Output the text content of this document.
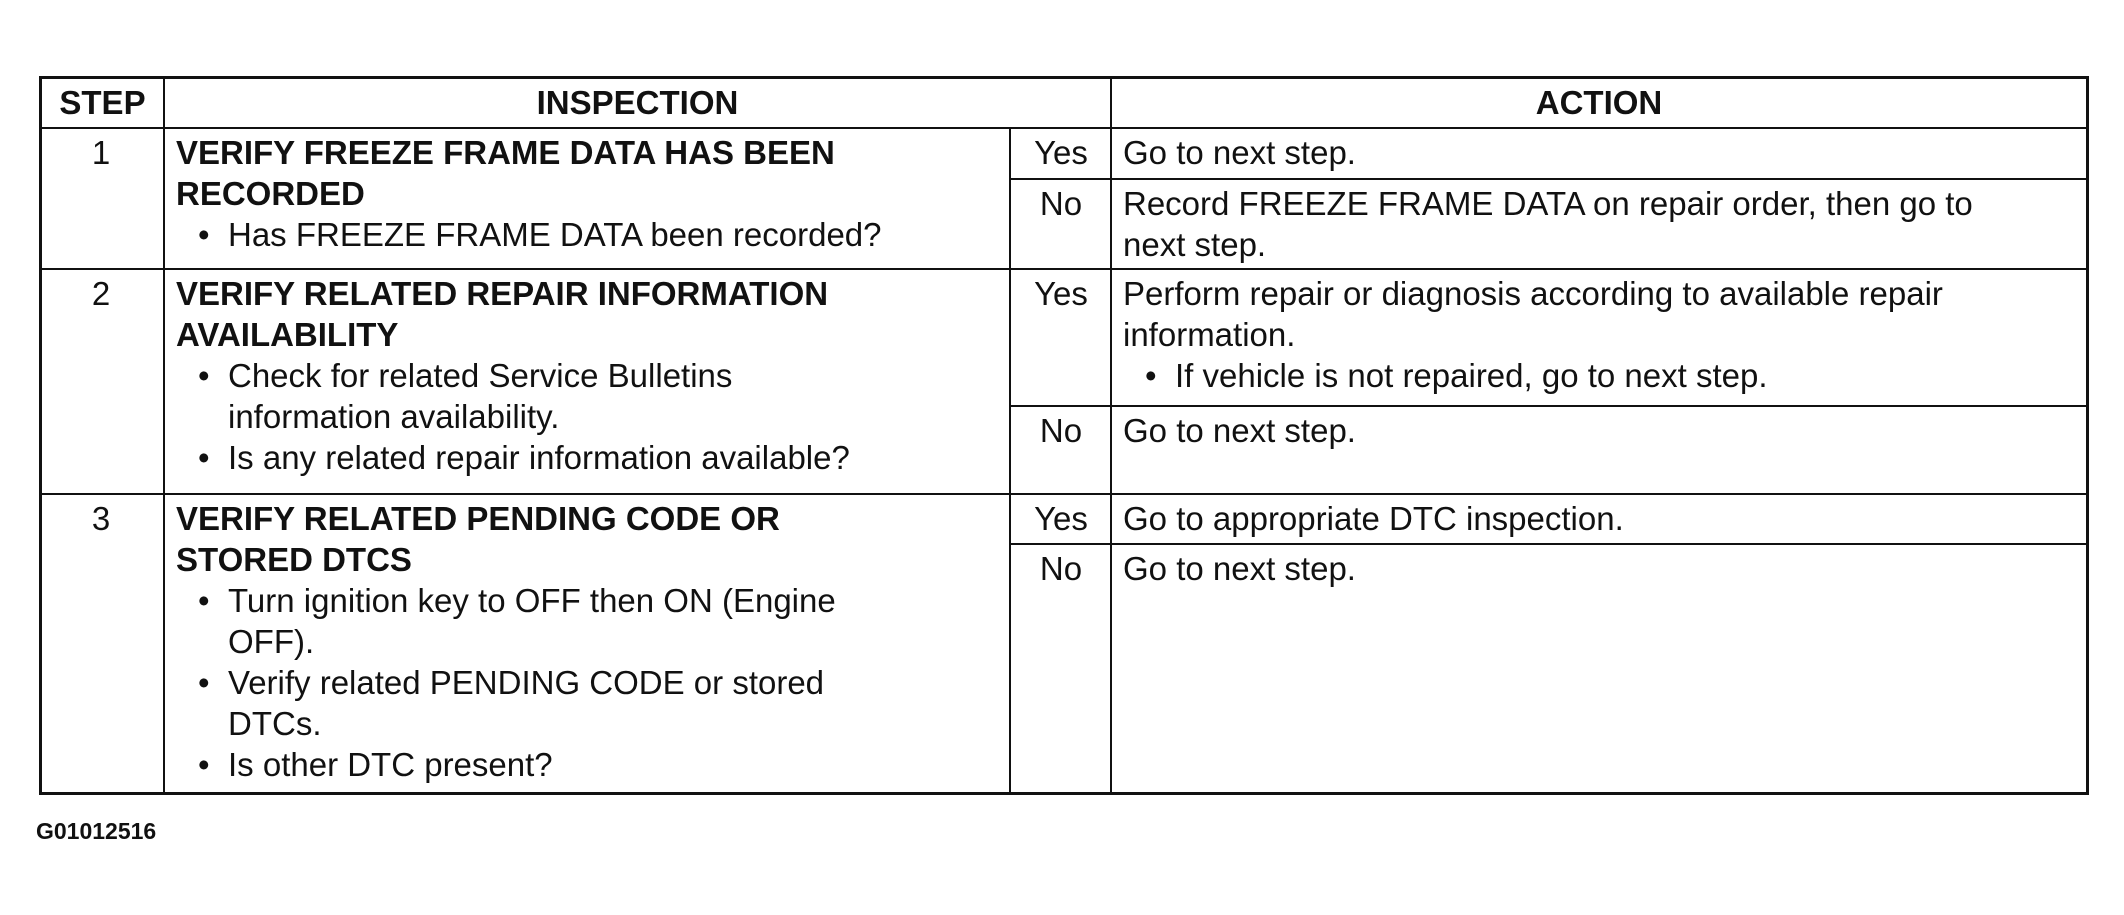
STEP	INSPECTION	ACTION
1	VERIFY FREEZE FRAME DATA HAS BEEN
RECORDED
• Has FREEZE FRAME DATA been recorded?
Yes	Go to next step.
No	Record FREEZE FRAME DATA on repair order, then go to
next step.
2	VERIFY RELATED REPAIR INFORMATION
AVAILABILITY
• Check for related Service Bulletins
information availability.
• Is any related repair information available?
Yes	Perform repair or diagnosis according to available repair
information.
• If vehicle is not repaired, go to next step.
No	Go to next step.
3	VERIFY RELATED PENDING CODE OR
STORED DTCS
• Turn ignition key to OFF then ON (Engine
OFF).
• Verify related PENDING CODE or stored
DTCs.
• Is other DTC present?
Yes	Go to appropriate DTC inspection.
No	Go to next step.
G01012516
